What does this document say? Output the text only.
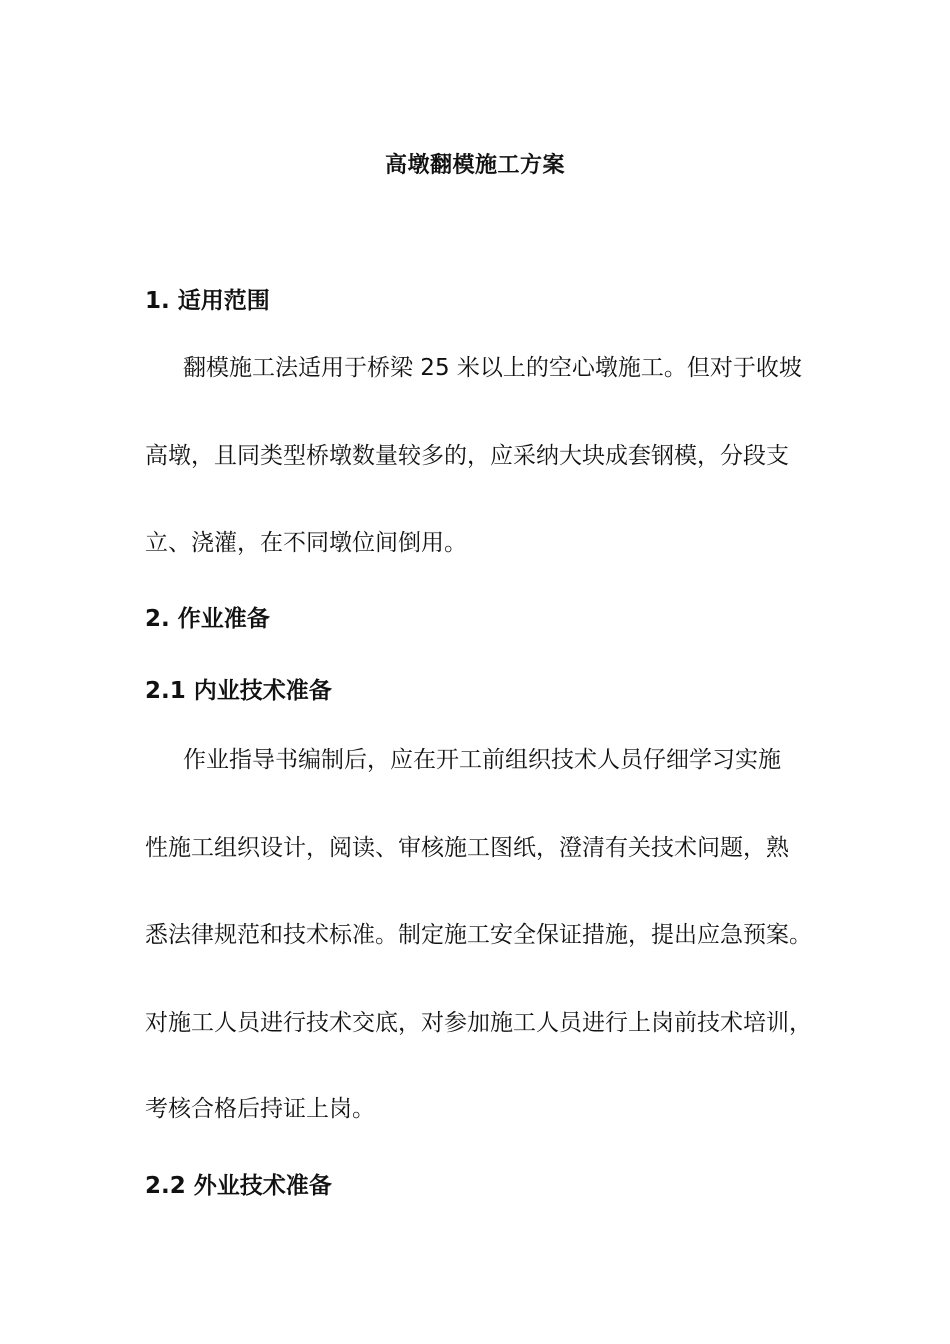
高墩翻模施工方案
1. 适用范围
翻模施工法适用于桥梁 25 米以上的空心墩施工。但对于收坡
高墩，且同类型桥墩数量较多的，应采纳大块成套钢模，分段支
立、浇灌，在不同墩位间倒用。
2. 作业准备
2.1 内业技术准备
作业指导书编制后，应在开工前组织技术人员仔细学习实施
性施工组织设计，阅读、审核施工图纸，澄清有关技术问题，熟
悉法律规范和技术标准。制定施工安全保证措施，提出应急预案。
对施工人员进行技术交底，对参加施工人员进行上岗前技术培训，
考核合格后持证上岗。
2.2 外业技术准备
